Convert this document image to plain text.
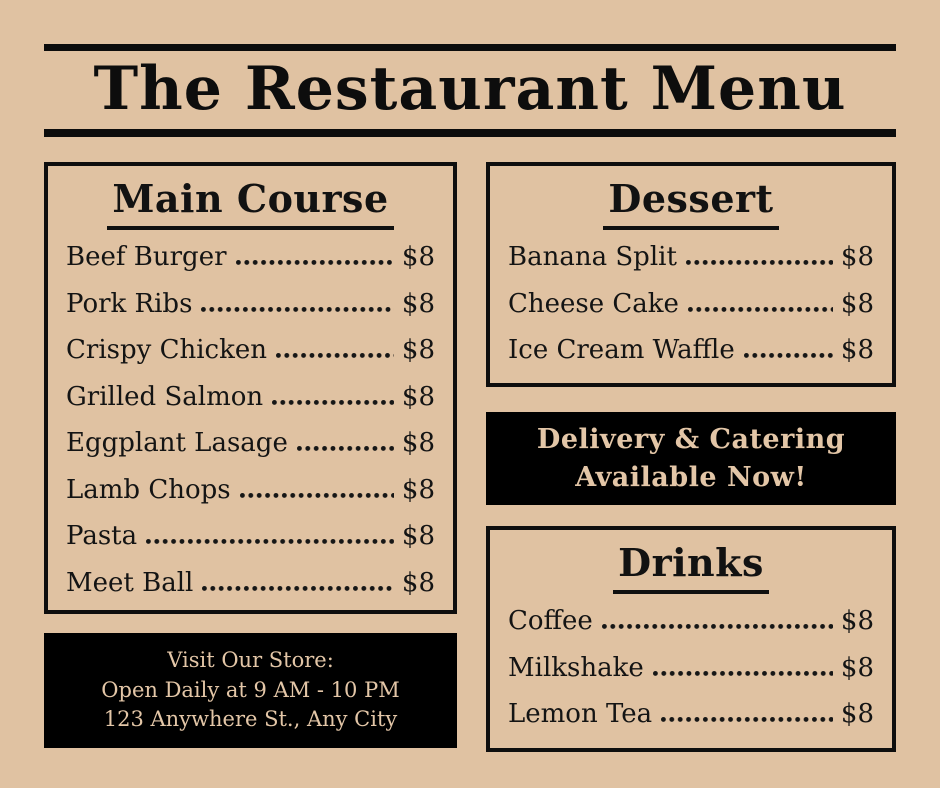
The Restaurant Menu
Main Course
Beef Burger	$8
Pork Ribs	$8
Crispy Chicken	$8
Grilled Salmon	$8
Eggplant Lasage	$8
Lamb Chops	$8
Pasta	$8
Meet Ball	$8
Visit Our Store:
Open Daily at 9 AM - 10 PM
123 Anywhere St., Any City
Dessert
Banana Split	$8
Cheese Cake	$8
Ice Cream Waffle	$8
Delivery & Catering
Available Now!
Drinks
Coffee	$8
Milkshake	$8
Lemon Tea	$8
